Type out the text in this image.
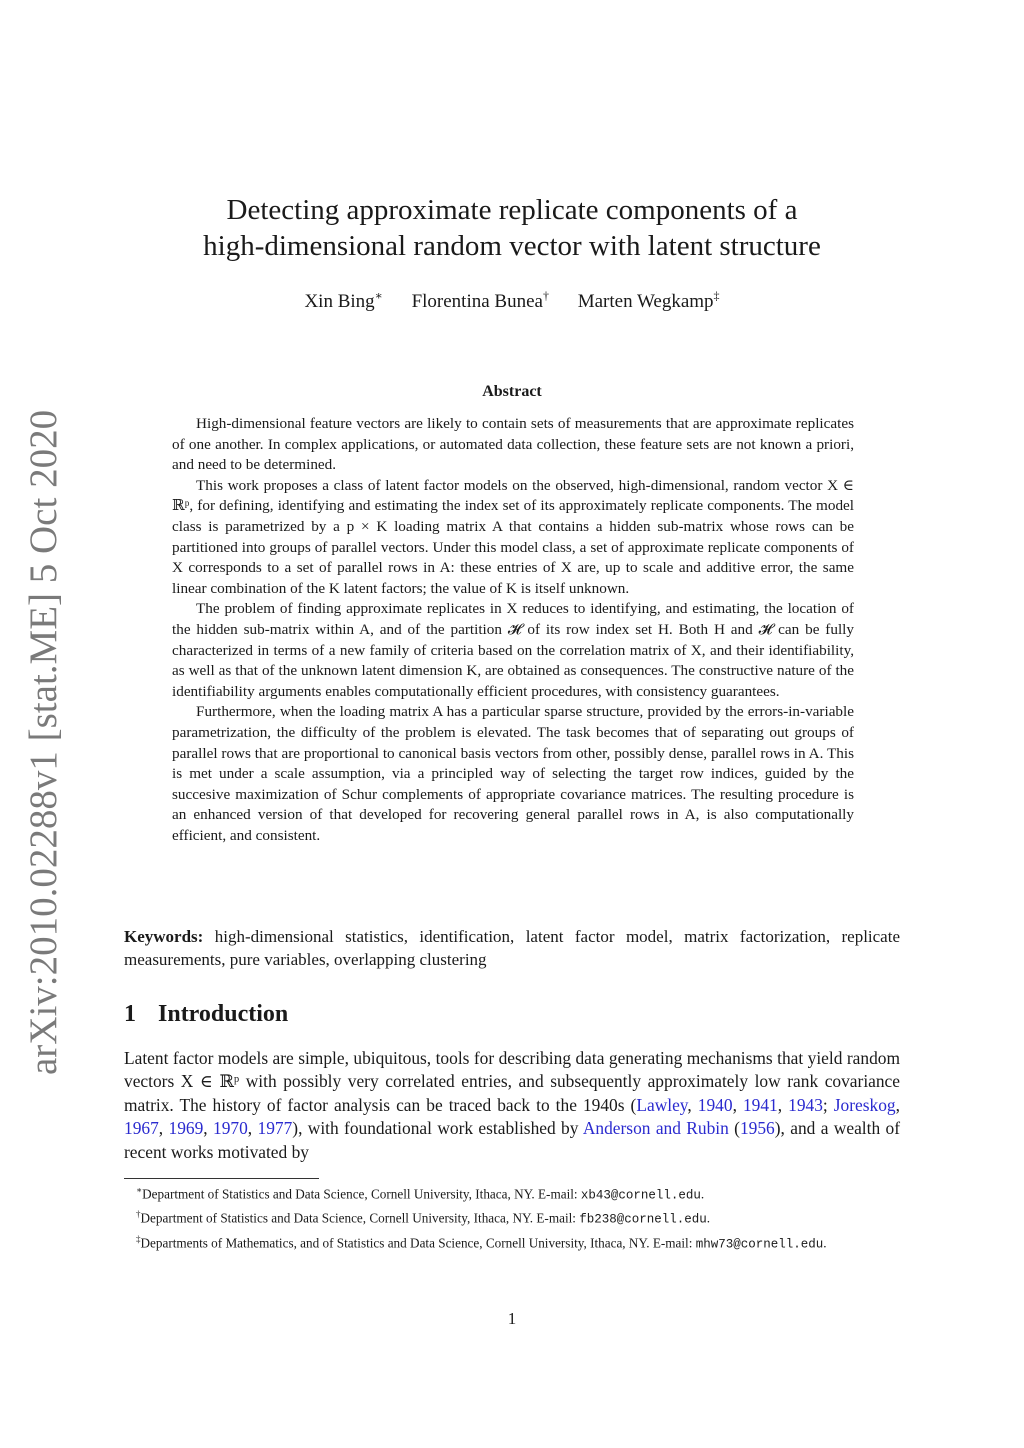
arXiv:2010.02288v1 [stat.ME] 5 Oct 2020
Detecting approximate replicate components of a
high-dimensional random vector with latent structure
Xin Bing∗ Florentina Bunea† Marten Wegkamp‡
Abstract

High-dimensional feature vectors are likely to contain sets of measurements that are approximate replicates of one another. In complex applications, or automated data collection, these feature sets are not known a priori, and need to be determined.

This work proposes a class of latent factor models on the observed, high-dimensional, random vector X ∈ ℝᵖ, for defining, identifying and estimating the index set of its approximately replicate components. The model class is parametrized by a p × K loading matrix A that contains a hidden sub-matrix whose rows can be partitioned into groups of parallel vectors. Under this model class, a set of approximate replicate components of X corresponds to a set of parallel rows in A: these entries of X are, up to scale and additive error, the same linear combination of the K latent factors; the value of K is itself unknown.

The problem of finding approximate replicates in X reduces to identifying, and estimating, the location of the hidden sub-matrix within A, and of the partition 𝓗 of its row index set H. Both H and 𝓗 can be fully characterized in terms of a new family of criteria based on the correlation matrix of X, and their identifiability, as well as that of the unknown latent dimension K, are obtained as consequences. The constructive nature of the identifiability arguments enables computationally efficient procedures, with consistency guarantees.

Furthermore, when the loading matrix A has a particular sparse structure, provided by the errors-in-variable parametrization, the difficulty of the problem is elevated. The task becomes that of separating out groups of parallel rows that are proportional to canonical basis vectors from other, possibly dense, parallel rows in A. This is met under a scale assumption, via a principled way of selecting the target row indices, guided by the succesive maximization of Schur complements of appropriate covariance matrices. The resulting procedure is an enhanced version of that developed for recovering general parallel rows in A, is also computationally efficient, and consistent.

Keywords: high-dimensional statistics, identification, latent factor model, matrix factorization, replicate measurements, pure variables, overlapping clustering
1 Introduction

Latent factor models are simple, ubiquitous, tools for describing data generating mechanisms that yield random vectors X ∈ ℝᵖ with possibly very correlated entries, and subsequently approximately low rank covariance matrix. The history of factor analysis can be traced back to the 1940s (Lawley, 1940, 1941, 1943; Joreskog, 1967, 1969, 1970, 1977), with foundational work established by Anderson and Rubin (1956), and a wealth of recent works motivated by

∗Department of Statistics and Data Science, Cornell University, Ithaca, NY. E-mail: xb43@cornell.edu.

†Department of Statistics and Data Science, Cornell University, Ithaca, NY. E-mail: fb238@cornell.edu.

‡Departments of Mathematics, and of Statistics and Data Science, Cornell University, Ithaca, NY. E-mail: mhw73@cornell.edu.

1
